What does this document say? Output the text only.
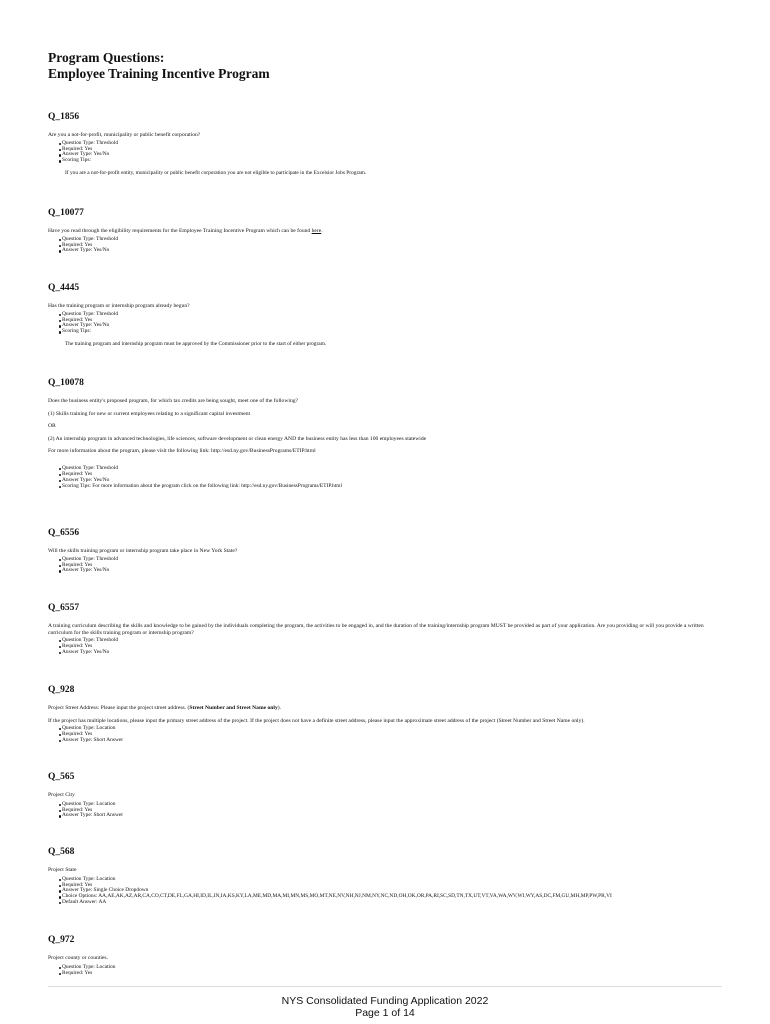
Program Questions:
Employee Training Incentive Program
Q_1856
Are you a not-for-profit, municipality or public benefit corporation?
Question Type: Threshold
Required: Yes
Answer Type: Yes/No
Scoring Tips:
If you are a not-for-profit entity, municipality or public benefit corporation you are not eligible to participate in the Excelsior Jobs Program.
Q_10077
Have you read through the eligibility requirements for the Employee Training Incentive Program which can be found here.
Question Type: Threshold
Required: Yes
Answer Type: Yes/No
Q_4445
Has the training program or internship program already begun?
Question Type: Threshold
Required: Yes
Answer Type: Yes/No
Scoring Tips:
The training program and internship program must be approved by the Commissioner prior to the start of either program.
Q_10078
Does the business entity's proposed program, for which tax credits are being sought, meet one of the following?
(1) Skills training for new or current employees relating to a significant capital investment
OR
(2) An internship program in advanced technologies, life sciences, software development or clean energy AND the business entity has less than 100 employees statewide
For more information about the program, please visit the following link: http://esd.ny.gov/BusinessPrograms/ETIP.html
Question Type: Threshold
Required: Yes
Answer Type: Yes/No
Scoring Tips: For more information about the program click on the following link: http://esd.ny.gov/BusinessPrograms/ETIP.html
Q_6556
Will the skills training program or internship program take place in New York State?
Question Type: Threshold
Required: Yes
Answer Type: Yes/No
Q_6557
A training curriculum describing the skills and knowledge to be gained by the individuals completing the program, the activities to be engaged in, and the duration of the training/internship program MUST be provided as part of your application. Are you providing or will you provide a written curriculum for the skills training program or internship program?
Question Type: Threshold
Required: Yes
Answer Type: Yes/No
Q_928
Project Street Address: Please input the project street address. (Street Number and Street Name only).
If the project has multiple locations, please input the primary street address of the project. If the project does not have a definite street address, please input the approximate street address of the project (Street Number and Street Name only).
Question Type: Location
Required: Yes
Answer Type: Short Answer
Q_565
Project City
Question Type: Location
Required: Yes
Answer Type: Short Answer
Q_568
Project State
Question Type: Location
Required: Yes
Answer Type: Single Choice Dropdown
Choice Options: AA,AE,AK,AZ,AR,CA,CO,CT,DE,FL,GA,HI,ID,IL,IN,IA,KS,KY,LA,ME,MD,MA,MI,MN,MS,MO,MT,NE,NV,NH,NJ,NM,NY,NC,ND,OH,OK,OR,PA,RI,SC,SD,TN,TX,UT,VT,VA,WA,WV,WI,WY,AS,DC,FM,GU,MH,MP,PW,PR,VI
Default Answer: AA
Q_972
Project county or counties.
Question Type: Location
Required: Yes
NYS Consolidated Funding Application 2022
Page 1 of 14
